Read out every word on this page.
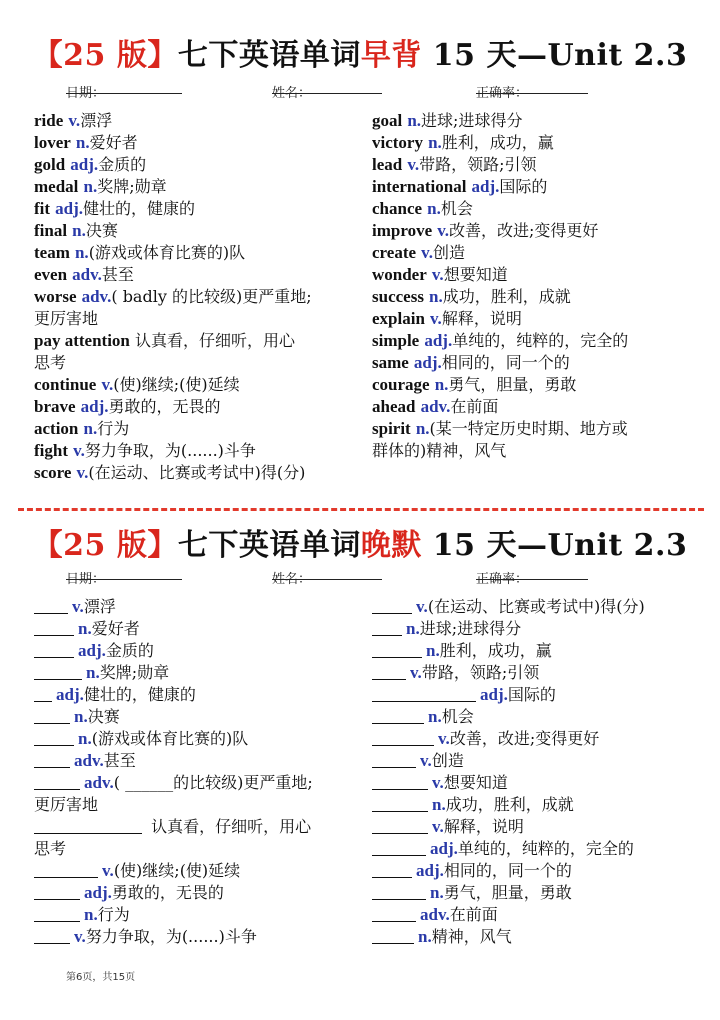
【25 版】七下英语单词早背 15 天—Unit 2.3
日期：	姓名：	正确率：
ride v.漂浮
lover n.爱好者
gold adj.金质的
medal n.奖牌;勋章
fit adj.健壮的，健康的
final n.决赛
team n.(游戏或体育比赛的)队
even adv.甚至
worse adv.( badly 的比较级)更严重地;
更厉害地
pay attention 认真看，仔细听，用心
思考
continue v.(使)继续;(使)延续
brave adj.勇敢的，无畏的
action n.行为
fight v.努力争取，为(......)斗争
score v.(在运动、比赛或考试中)得(分)
goal n.进球;进球得分
victory n.胜利，成功，赢
lead v.带路，领路;引领
international adj.国际的
chance n.机会
improve v.改善，改进;变得更好
create v.创造
wonder v.想要知道
success n.成功，胜利，成就
explain v.解释，说明
simple adj.单纯的，纯粹的，完全的
same adj.相同的，同一个的
courage n.勇气，胆量，勇敢
ahead adv.在前面
spirit n.(某一特定历史时期、地方或
群体的)精神，风气
【25 版】七下英语单词晚默 15 天—Unit 2.3
日期：	姓名：	正确率：
v.漂浮
n.爱好者
adj.金质的
n.奖牌;勋章
adj.健壮的，健康的
n.决赛
n.(游戏或体育比赛的)队
adv.甚至
adv.( ______的比较级)更严重地;
更厉害地
认真看，仔细听，用心
思考
v.(使)继续;(使)延续
adj.勇敢的，无畏的
n.行为
v.努力争取，为(......)斗争
v.(在运动、比赛或考试中)得(分)
n.进球;进球得分
n.胜利，成功，赢
v.带路，领路;引领
adj.国际的
n.机会
v.改善，改进;变得更好
v.创造
v.想要知道
n.成功，胜利，成就
v.解释，说明
adj.单纯的，纯粹的，完全的
adj.相同的，同一个的
n.勇气，胆量，勇敢
adv.在前面
n.精神，风气
第6页，共15页
